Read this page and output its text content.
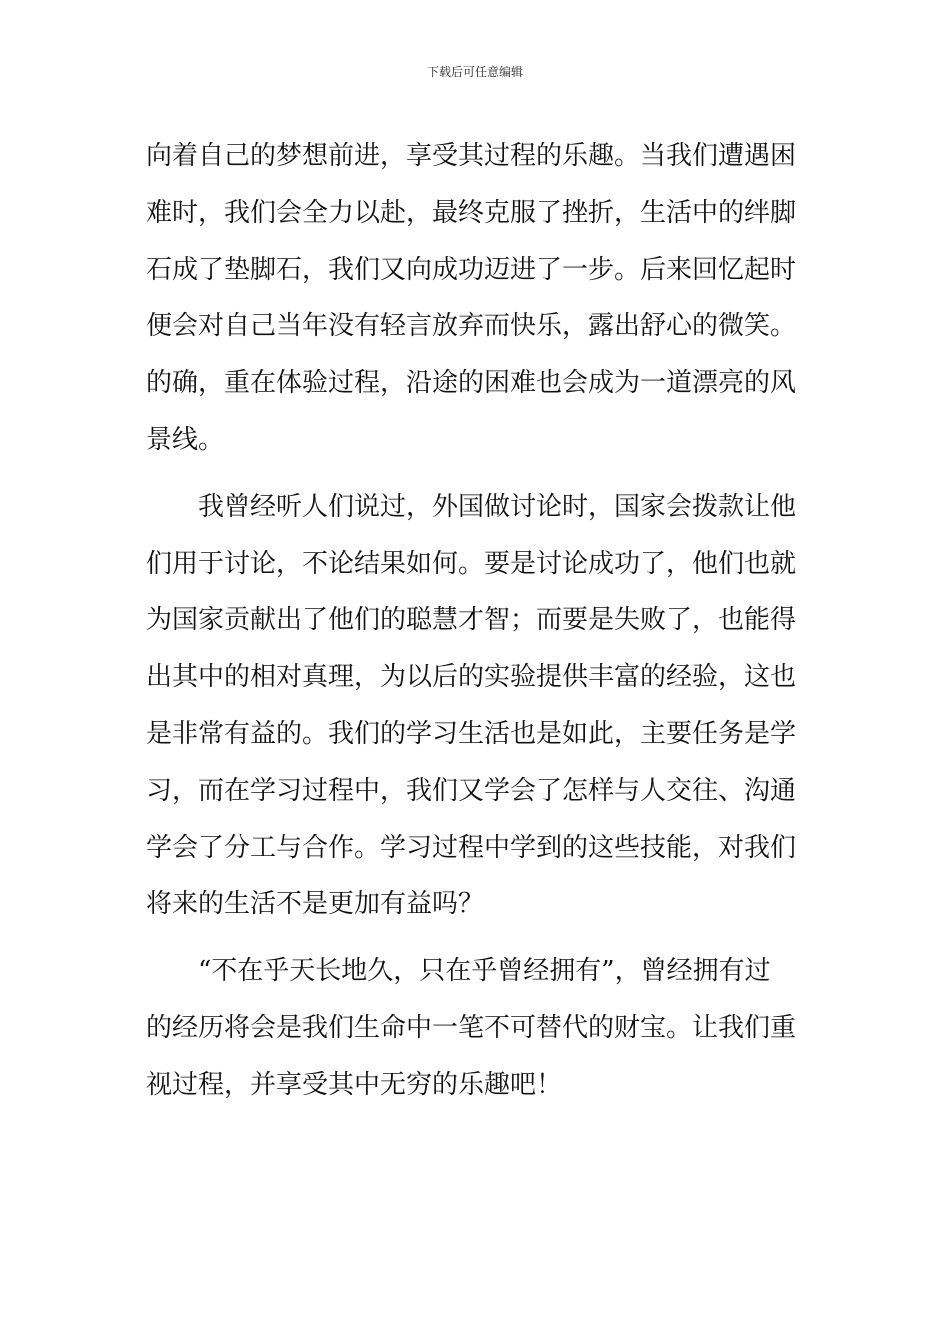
下载后可任意编辑
向着自己的梦想前进，享受其过程的乐趣。当我们遭遇困
难时，我们会全力以赴，最终克服了挫折，生活中的绊脚
石成了垫脚石，我们又向成功迈进了一步。后来回忆起时
便会对自己当年没有轻言放弃而快乐，露出舒心的微笑。
的确，重在体验过程，沿途的困难也会成为一道漂亮的风
景线。
我曾经听人们说过，外国做讨论时，国家会拨款让他
们用于讨论，不论结果如何。要是讨论成功了，他们也就
为国家贡献出了他们的聪慧才智；而要是失败了，也能得
出其中的相对真理，为以后的实验提供丰富的经验，这也
是非常有益的。我们的学习生活也是如此，主要任务是学
习，而在学习过程中，我们又学会了怎样与人交往、沟通
学会了分工与合作。学习过程中学到的这些技能，对我们
将来的生活不是更加有益吗？
“不在乎天长地久，只在乎曾经拥有”，曾经拥有过
的经历将会是我们生命中一笔不可替代的财宝。让我们重
视过程，并享受其中无穷的乐趣吧！
